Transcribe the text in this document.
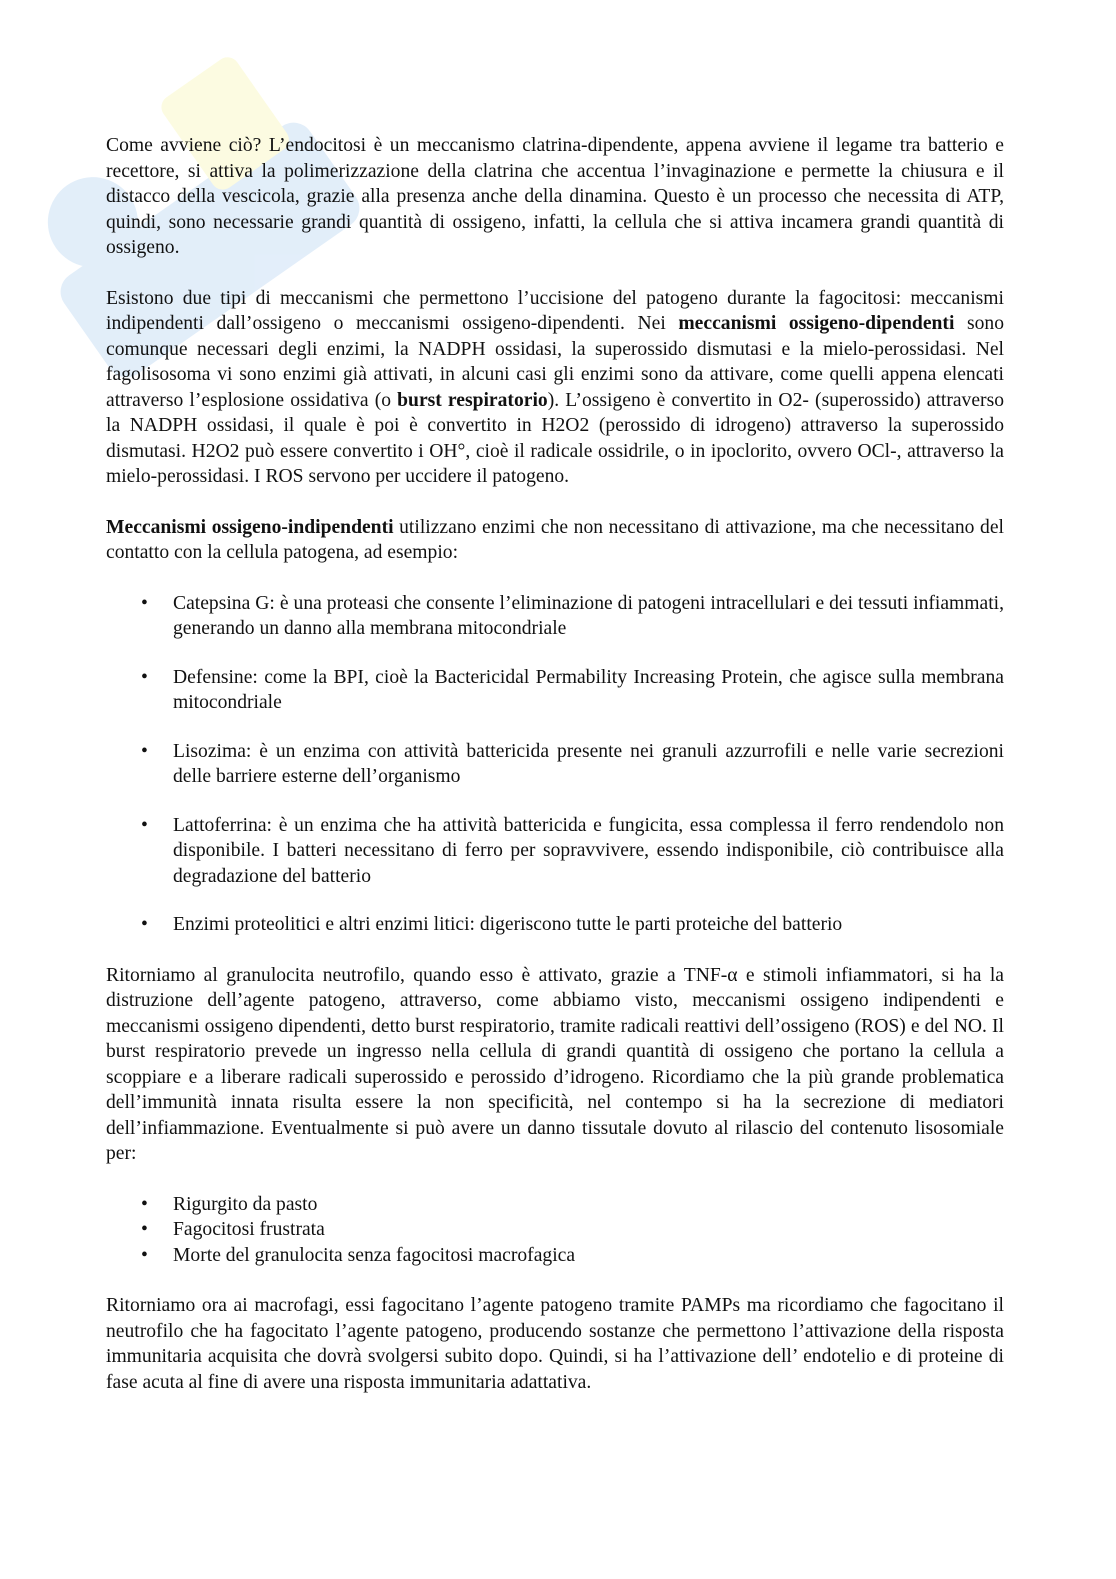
Come avviene ciò? L’endocitosi è un meccanismo clatrina-dipendente, appena avviene il legame tra batterio e recettore, si attiva la polimerizzazione della clatrina che accentua l’invaginazione e permette la chiusura e il distacco della vescicola, grazie alla presenza anche della dinamina. Questo è un processo che necessita di ATP, quindi, sono necessarie grandi quantità di ossigeno, infatti, la cellula che si attiva incamera grandi quantità di ossigeno.

Esistono due tipi di meccanismi che permettono l’uccisione del patogeno durante la fagocitosi: meccanismi indipendenti dall’ossigeno o meccanismi ossigeno-dipendenti. Nei meccanismi ossigeno-dipendenti sono comunque necessari degli enzimi, la NADPH ossidasi, la superossido dismutasi e la mielo-perossidasi. Nel fagolisosoma vi sono enzimi già attivati, in alcuni casi gli enzimi sono da attivare, come quelli appena elencati attraverso l’esplosione ossidativa (o burst respiratorio). L’ossigeno è convertito in O2- (superossido) attraverso la NADPH ossidasi, il quale è poi è convertito in H2O2 (perossido di idrogeno) attraverso la superossido dismutasi. H2O2 può essere convertito i OH°, cioè il radicale ossidrile, o in ipoclorito, ovvero OCl-, attraverso la mielo-perossidasi. I ROS servono per uccidere il patogeno.

Meccanismi ossigeno-indipendenti utilizzano enzimi che non necessitano di attivazione, ma che necessitano del contatto con la cellula patogena, ad esempio:

• Catepsina G: è una proteasi che consente l’eliminazione di patogeni intracellulari e dei tessuti infiammati, generando un danno alla membrana mitocondriale
• Defensine: come la BPI, cioè la Bactericidal Permability Increasing Protein, che agisce sulla membrana mitocondriale
• Lisozima: è un enzima con attività battericida presente nei granuli azzurrofili e nelle varie secrezioni delle barriere esterne dell’organismo
• Lattoferrina: è un enzima che ha attività battericida e fungicita, essa complessa il ferro rendendolo non disponibile. I batteri necessitano di ferro per sopravvivere, essendo indisponibile, ciò contribuisce alla degradazione del batterio
• Enzimi proteolitici e altri enzimi litici: digeriscono tutte le parti proteiche del batterio

Ritorniamo al granulocita neutrofilo, quando esso è attivato, grazie a TNF-α e stimoli infiammatori, si ha la distruzione dell’agente patogeno, attraverso, come abbiamo visto, meccanismi ossigeno indipendenti e meccanismi ossigeno dipendenti, detto burst respiratorio, tramite radicali reattivi dell’ossigeno (ROS) e del NO. Il burst respiratorio prevede un ingresso nella cellula di grandi quantità di ossigeno che portano la cellula a scoppiare e a liberare radicali superossido e perossido d’idrogeno. Ricordiamo che la più grande problematica dell’immunità innata risulta essere la non specificità, nel contempo si ha la secrezione di mediatori dell’infiammazione. Eventualmente si può avere un danno tissutale dovuto al rilascio del contenuto lisosomiale per:

• Rigurgito da pasto
• Fagocitosi frustrata
• Morte del granulocita senza fagocitosi macrofagica

Ritorniamo ora ai macrofagi, essi fagocitano l’agente patogeno tramite PAMPs ma ricordiamo che fagocitano il neutrofilo che ha fagocitato l’agente patogeno, producendo sostanze che permettono l’attivazione della risposta immunitaria acquisita che dovrà svolgersi subito dopo. Quindi, si ha l’attivazione dell’ endotelio e di proteine di fase acuta al fine di avere una risposta immunitaria adattativa.
